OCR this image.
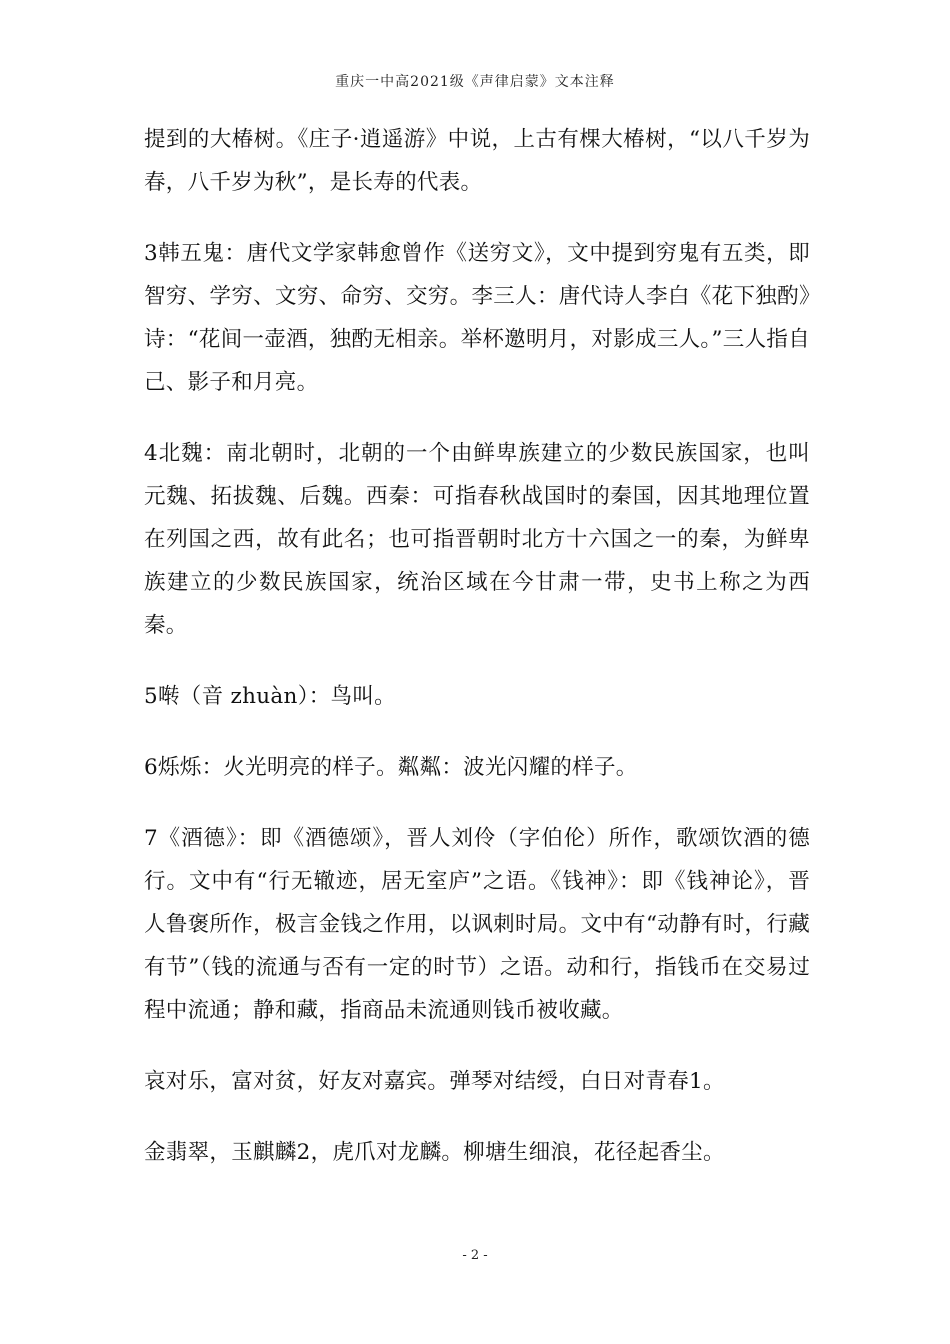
重庆一中高2021级《声律启蒙》文本注释

提到的大椿树。《庄子·逍遥游》中说，上古有棵大椿树，“以八千岁为春，八千岁为秋”，是长寿的代表。

3韩五鬼：唐代文学家韩愈曾作《送穷文》，文中提到穷鬼有五类，即智穷、学穷、文穷、命穷、交穷。李三人：唐代诗人李白《花下独酌》诗：“花间一壶酒，独酌无相亲。举杯邀明月，对影成三人。”三人指自己、影子和月亮。

4北魏：南北朝时，北朝的一个由鲜卑族建立的少数民族国家，也叫元魏、拓拔魏、后魏。西秦：可指春秋战国时的秦国，因其地理位置在列国之西，故有此名；也可指晋朝时北方十六国之一的秦，为鲜卑族建立的少数民族国家，统治区域在今甘肃一带，史书上称之为西秦。

5啭（音 zhuàn）：鸟叫。

6烁烁：火光明亮的样子。粼粼：波光闪耀的样子。

7《酒德》：即《酒德颂》，晋人刘伶（字伯伦）所作，歌颂饮酒的德行。文中有“行无辙迹，居无室庐”之语。《钱神》：即《钱神论》，晋人鲁褒所作，极言金钱之作用，以讽刺时局。文中有“动静有时，行藏有节”（钱的流通与否有一定的时节）之语。动和行，指钱币在交易过程中流通；静和藏，指商品未流通则钱币被收藏。

哀对乐，富对贫，好友对嘉宾。弹琴对结绶，白日对青春1。

金翡翠，玉麒麟2，虎爪对龙麟。柳塘生细浪，花径起香尘。

- 2 -
